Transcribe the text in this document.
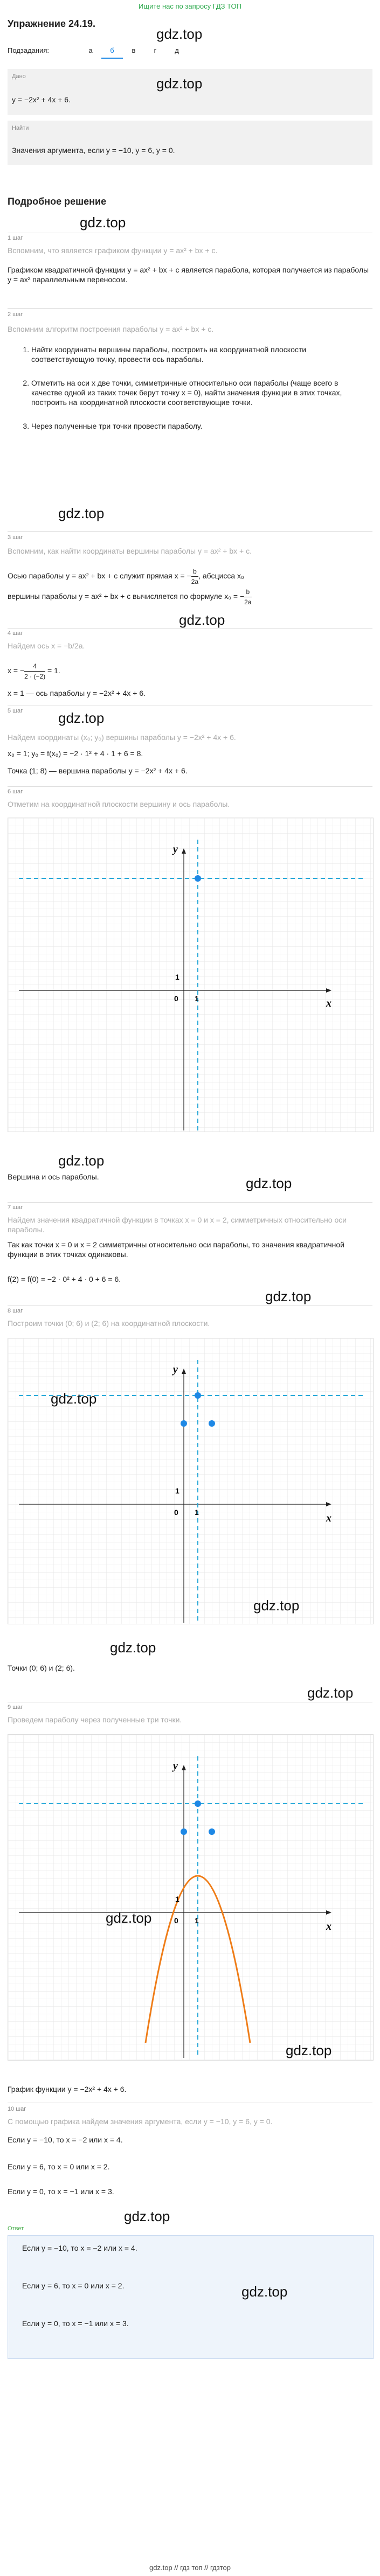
Ищите нас по запросу ГДЗ ТОП
Упражнение 24.19.
gdz.top
Подзадания:	а	б	в	г	д
Дано
y = −2x² + 4x + 6.
gdz.top
Найти
Значения аргумента, если y = −10, y = 6, y = 0.
Подробное решение
gdz.top
1 шаг
Вспомним, что является графиком функции y = ax² + bx + c.
Графиком квадратичной функции y = ax² + bx + c является парабола, которая получается из параболы y = ax² параллельным переносом.
2 шаг
Вспомним алгоритм построения параболы y = ax² + bx + c.
1. Найти координаты вершины параболы, построить на координатной плоскости соответствующую точку, провести ось параболы.
2. Отметить на оси x две точки, симметричные относительно оси параболы (чаще всего в качестве одной из таких точек берут точку x = 0), найти значения функции в этих точках, построить на координатной плоскости соответствующие точки.
3. Через полученные три точки провести параболу.
gdz.top
3 шаг
Вспомним, как найти координаты вершины параболы y = ax² + bx + c.
Осью параболы y = ax² + bx + c служит прямая x = − $\frac{b}{2a}$ , абсцисса x₀
вершины параболы y = ax² + bx + c вычисляется по формуле x₀ = − $\frac{b}{2a}$
gdz.top
4 шаг
Найдем ось x = −b/2a.
x = − $\frac{4}{2 \cdot (-2)} = 1$.
x = 1 — ось параболы y = −2x² + 4x + 6.
5 шаг	gdz.top
Найдем координаты (x₀; y₀) вершины параболы y = −2x² + 4x + 6.
x₀ = 1; y₀ = f(x₀) = −2 · 1² + 4 · 1 + 6 = 8.
Точка (1; 8) — вершина параболы y = −2x² + 4x + 6.
6 шаг
Отметим на координатной плоскости вершину и ось параболы.
y
x
0 1
1
gdz.top
Вершина и ось параболы.	gdz.top
7 шаг
Найдем значения квадратичной функции в точках x = 0 и x = 2, симметричных относительно оси параболы.
Так как точки x = 0 и x = 2 симметричны относительно оси параболы, то значения квадратичной функции в этих точках одинаковы.
f(2) = f(0) = −2 · 0² + 4 · 0 + 6 = 6.
gdz.top
8 шаг
Построим точки (0; 6) и (2; 6) на координатной плоскости.
y
x
0 1
1
gdz.top
gdz.top
gdz.top
Точки (0; 6) и (2; 6).
gdz.top
9 шаг
Проведем параболу через полученные три точки.
y
x
0 1
1
gdz.top
gdz.top
График функции y = −2x² + 4x + 6.
10 шаг
С помощью графика найдем значения аргумента, если y = −10, y = 6, y = 0.
Если y = −10, то x = −2 или x = 4.
Если y = 6, то x = 0 или x = 2.
Если y = 0, то x = −1 или x = 3.
gdz.top
Ответ
Если y = −10, то x = −2 или x = 4.
Если y = 6, то x = 0 или x = 2.
Если y = 0, то x = −1 или x = 3.
gdz.top
gdz.top // гдз топ // гдзтор
